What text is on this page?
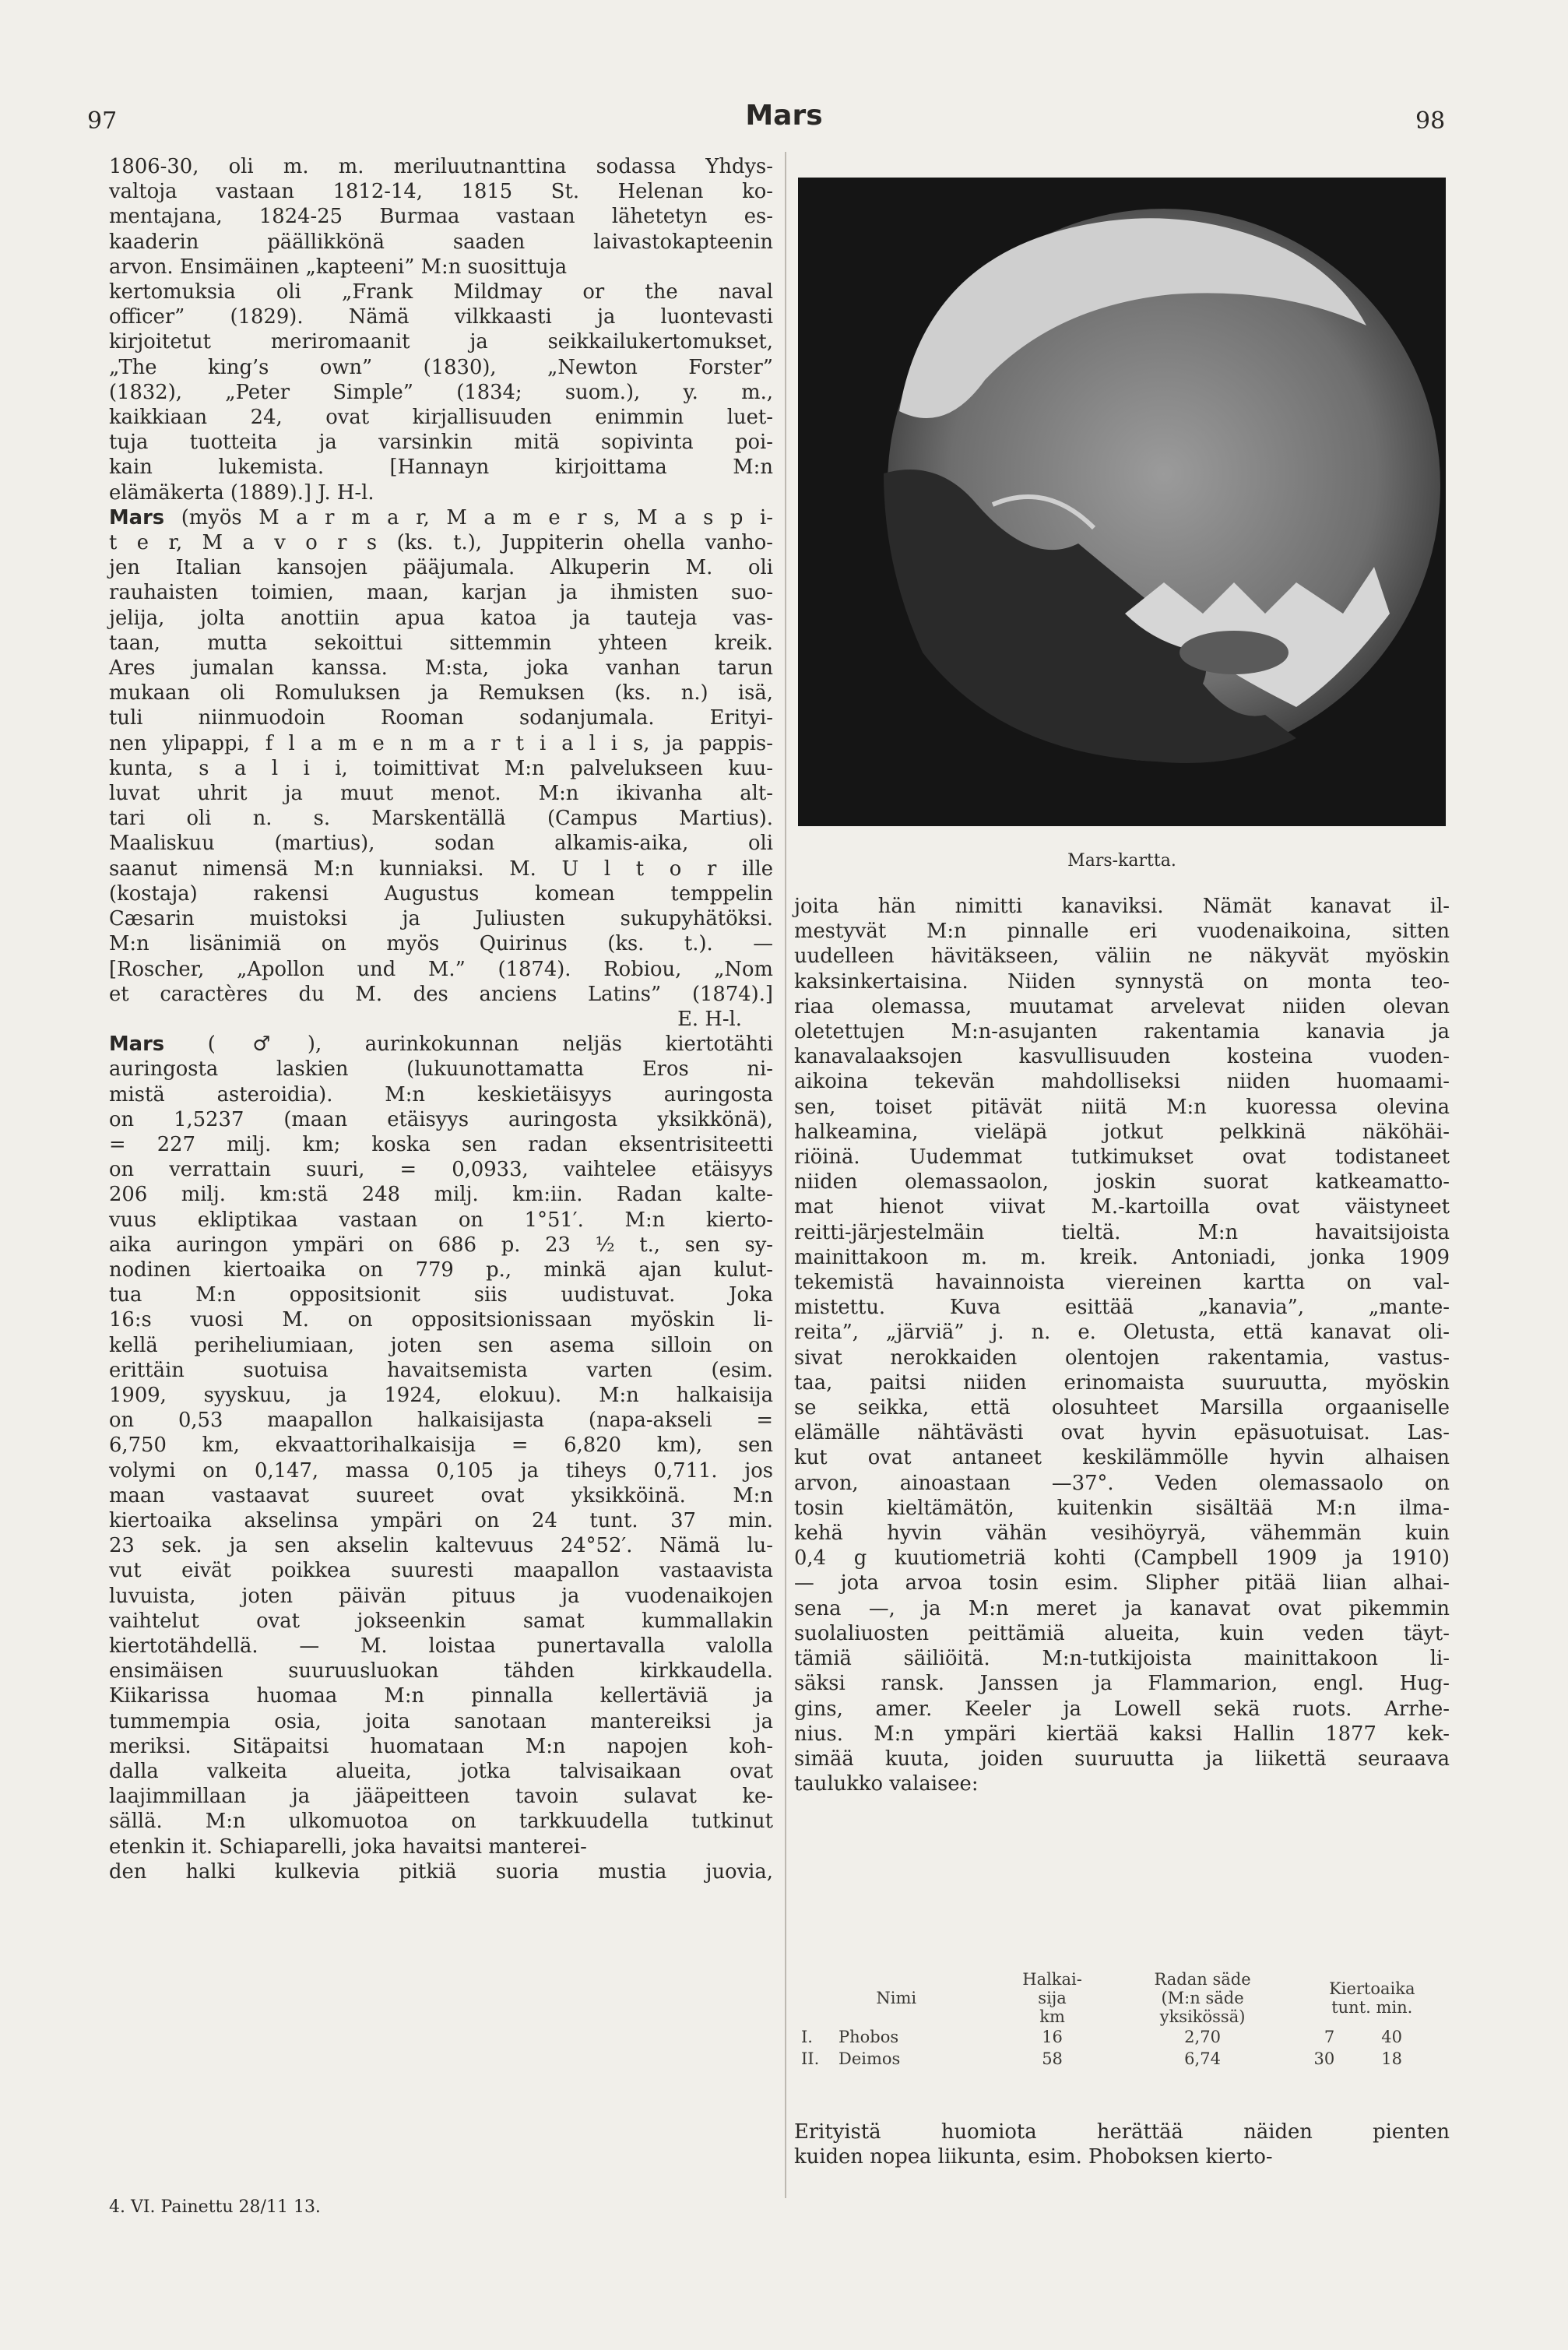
97	Mars	98

1806-30, oli m. m. meriluutnanttina sodassa Yhdys-

valtoja vastaan 1812-14, 1815 St. Helenan ko-

mentajana, 1824-25 Burmaa vastaan lähetetyn es-

kaaderin päällikkönä saaden laivastokapteenin

arvon. Ensimäinen „kapteeni” M:n suosittuja

kertomuksia oli „Frank Mildmay or the naval

officer” (1829). Nämä vilkkaasti ja luontevasti

kirjoitetut meriromaanit ja seikkailukertomukset,

„The king’s own” (1830), „Newton Forster”

(1832), „Peter Simple” (1834; suom.), y. m.,

kaikkiaan 24, ovat kirjallisuuden enimmin luet-

tuja tuotteita ja varsinkin mitä sopivinta poi-

kain lukemista. [Hannayn kirjoittama M:n

elämäkerta (1889).] J. H-l.

Mars (myös M a r m a r, M a m e r s, M a s p i-

t e r, M a v o r s (ks. t.), Juppiterin ohella vanho-

jen Italian kansojen pääjumala. Alkuperin M. oli

rauhaisten toimien, maan, karjan ja ihmisten suo-

jelija, jolta anottiin apua katoa ja tauteja vas-

taan, mutta sekoittui sittemmin yhteen kreik.

Ares jumalan kanssa. M:sta, joka vanhan tarun

mukaan oli Romuluksen ja Remuksen (ks. n.) isä,

tuli niinmuodoin Rooman sodanjumala. Erityi-

nen ylipappi, f l a m e n m a r t i a l i s, ja pappis-

kunta, s a l i i, toimittivat M:n palvelukseen kuu-

luvat uhrit ja muut menot. M:n ikivanha alt-

tari oli n. s. Marskentällä (Campus Martius).

Maaliskuu (martius), sodan alkamis-aika, oli

saanut nimensä M:n kunniaksi. M. U l t o r ille

(kostaja) rakensi Augustus komean temppelin

Cæsarin muistoksi ja Juliusten sukupyhätöksi.

M:n lisänimiä on myös Quirinus (ks. t.). —

[Roscher, „Apollon und M.” (1874). Robiou, „Nom

et caractères du M. des anciens Latins” (1874).]

E. H-l.

Mars (♂), aurinkokunnan neljäs kiertotähti

auringosta laskien (lukuunottamatta Eros ni-

mistä asteroidia). M:n keskietäisyys auringosta

on 1,5237 (maan etäisyys auringosta yksikkönä),

= 227 milj. km; koska sen radan eksentrisiteetti

on verrattain suuri, = 0,0933, vaihtelee etäisyys

206 milj. km:stä 248 milj. km:iin. Radan kalte-

vuus ekliptikaa vastaan on 1°51′. M:n kierto-

aika auringon ympäri on 686 p. 23 ½ t., sen sy-

nodinen kiertoaika on 779 p., minkä ajan kulut-

tua M:n oppositsionit siis uudistuvat. Joka

16:s vuosi M. on oppositsionissaan myöskin li-

kellä periheliumiaan, joten sen asema silloin on

erittäin suotuisa havaitsemista varten (esim.

1909, syyskuu, ja 1924, elokuu). M:n halkaisija

on 0,53 maapallon halkaisijasta (napa-akseli =

6,750 km, ekvaattorihalkaisija = 6,820 km), sen

volymi on 0,147, massa 0,105 ja tiheys 0,711. jos

maan vastaavat suureet ovat yksikköinä. M:n

kiertoaika akselinsa ympäri on 24 tunt. 37 min.

23 sek. ja sen akselin kaltevuus 24°52′. Nämä lu-

vut eivät poikkea suuresti maapallon vastaavista

luvuista, joten päivän pituus ja vuodenaikojen

vaihtelut ovat jokseenkin samat kummallakin

kiertotähdellä. — M. loistaa punertavalla valolla

ensimäisen suuruusluokan tähden kirkkaudella.

Kiikarissa huomaa M:n pinnalla kellertäviä ja

tummempia osia, joita sanotaan mantereiksi ja

meriksi. Sitäpaitsi huomataan M:n napojen koh-

dalla valkeita alueita, jotka talvisaikaan ovat

laajimmillaan ja jääpeitteen tavoin sulavat ke-

sällä. M:n ulkomuotoa on tarkkuudella tutkinut

etenkin it. Schiaparelli, joka havaitsi manterei-

den halki kulkevia pitkiä suoria mustia juovia,

Mars-kartta.

joita hän nimitti kanaviksi. Nämät kanavat il-

mestyvät M:n pinnalle eri vuodenaikoina, sitten

uudelleen hävitäkseen, väliin ne näkyvät myöskin

kaksinkertaisina. Niiden synnystä on monta teo-

riaa olemassa, muutamat arvelevat niiden olevan

oletettujen M:n-asujanten rakentamia kanavia ja

kanavalaaksojen kasvullisuuden kosteina vuoden-

aikoina tekevän mahdolliseksi niiden huomaami-

sen, toiset pitävät niitä M:n kuoressa olevina

halkeamina, vieläpä jotkut pelkkinä näköhäi-

riöinä. Uudemmat tutkimukset ovat todistaneet

niiden olemassaolon, joskin suorat katkeamatto-

mat hienot viivat M.-kartoilla ovat väistyneet

reitti-järjestelmäin tieltä. M:n havaitsijoista

mainittakoon m. m. kreik. Antoniadi, jonka 1909

tekemistä havainnoista viereinen kartta on val-

mistettu. Kuva esittää „kanavia”, „mante-

reita”, „järviä” j. n. e. Oletusta, että kanavat oli-

sivat nerokkaiden olentojen rakentamia, vastus-

taa, paitsi niiden erinomaista suuruutta, myöskin

se seikka, että olosuhteet Marsilla orgaaniselle

elämälle nähtävästi ovat hyvin epäsuotuisat. Las-

kut ovat antaneet keskilämmölle hyvin alhaisen

arvon, ainoastaan —37°. Veden olemassaolo on

tosin kieltämätön, kuitenkin sisältää M:n ilma-

kehä hyvin vähän vesihöyryä, vähemmän kuin

0,4 g kuutiometriä kohti (Campbell 1909 ja 1910)

— jota arvoa tosin esim. Slipher pitää liian alhai-

sena —, ja M:n meret ja kanavat ovat pikemmin

suolaliuosten peittämiä alueita, kuin veden täyt-

tämiä säiliöitä. M:n-tutkijoista mainittakoon li-

säksi ransk. Janssen ja Flammarion, engl. Hug-

gins, amer. Keeler ja Lowell sekä ruots. Arrhe-

nius. M:n ympäri kiertää kaksi Hallin 1877 kek-

simää kuuta, joiden suuruutta ja liikettä seuraava

taulukko valaisee:

Nimi		Halkai-
sija
km	Radan säde
(M:n säde
yksikössä)	Kiertoaika
tunt. min.	
I.	Phobos	16	2,70	7	40
II.	Deimos	58	6,74	30	18

Erityistä huomiota herättää näiden pienten

kuiden nopea liikunta, esim. Phoboksen kierto-

4. VI. Painettu 28/11 13.
